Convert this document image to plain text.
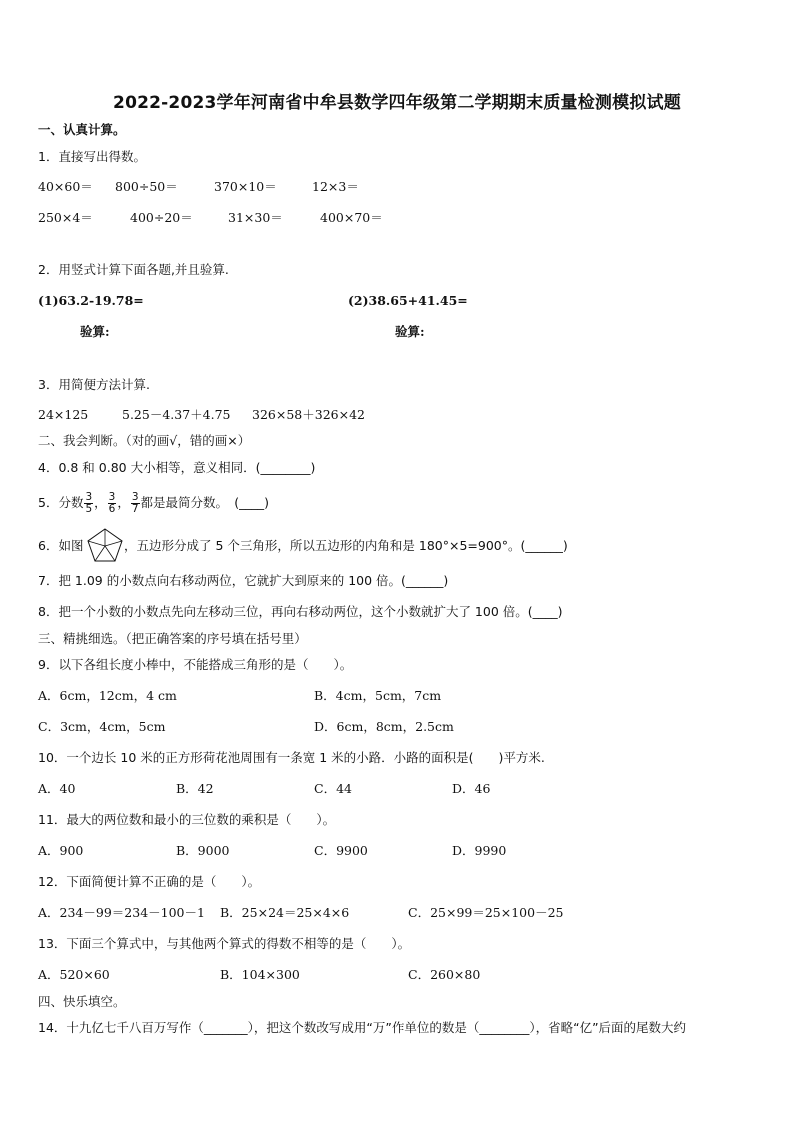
2022-2023学年河南省中牟县数学四年级第二学期期末质量检测模拟试题
一、认真计算。
1．直接写出得数。
40×60＝ 800÷50＝	370×10＝	12×3＝
250×4＝	400÷20＝	31×30＝	400×70＝
2．用竖式计算下面各题,并且验算.
(1)63.2-19.78=	(2)38.65+41.45=
验算:	验算:
3．用简便方法计算.
24×125	5.25－4.37＋4.75 326×58＋326×42
二、我会判断。（对的画√，错的画×）
4．0.8 和 0.80 大小相等，意义相同．(________)
5．分数 $\frac{3}{5}$ ， $\frac{3}{6}$ ， $\frac{3}{7}$ 都是最简分数。　(____)
6．如图	，五边形分成了 5 个三角形，所以五边形的内角和是 180°×5=900°。(______)
7．把 1.09 的小数点向右移动两位，它就扩大到原来的 100 倍。(______)
8．把一个小数的小数点先向左移动三位，再向右移动两位，这个小数就扩大了 100 倍。(____)
三、精挑细选。（把正确答案的序号填在括号里）
9．以下各组长度小棒中，不能搭成三角形的是（　　）。
A．6cm，12cm，4 cm	B．4cm，5cm，7cm
C．3cm，4cm，5cm	D．6cm，8cm，2.5cm
10．一个边长 10 米的正方形荷花池周围有一条宽 1 米的小路．小路的面积是(　　)平方米.
A．40	B．42	C．44	D．46
11．最大的两位数和最小的三位数的乘积是（　　）。
A．900	B．9000	C．9900	D．9990
12．下面简便计算不正确的是（　　）。
A．234－99＝234－100－1 B．25×24＝25×4×6	C．25×99＝25×100－25
13．下面三个算式中，与其他两个算式的得数不相等的是（　　）。
A．520×60	B．104×300	C．260×80
四、快乐填空。
14．十九亿七千八百万写作（_______），把这个数改写成用“万”作单位的数是（________），省略“亿”后面的尾数大约
